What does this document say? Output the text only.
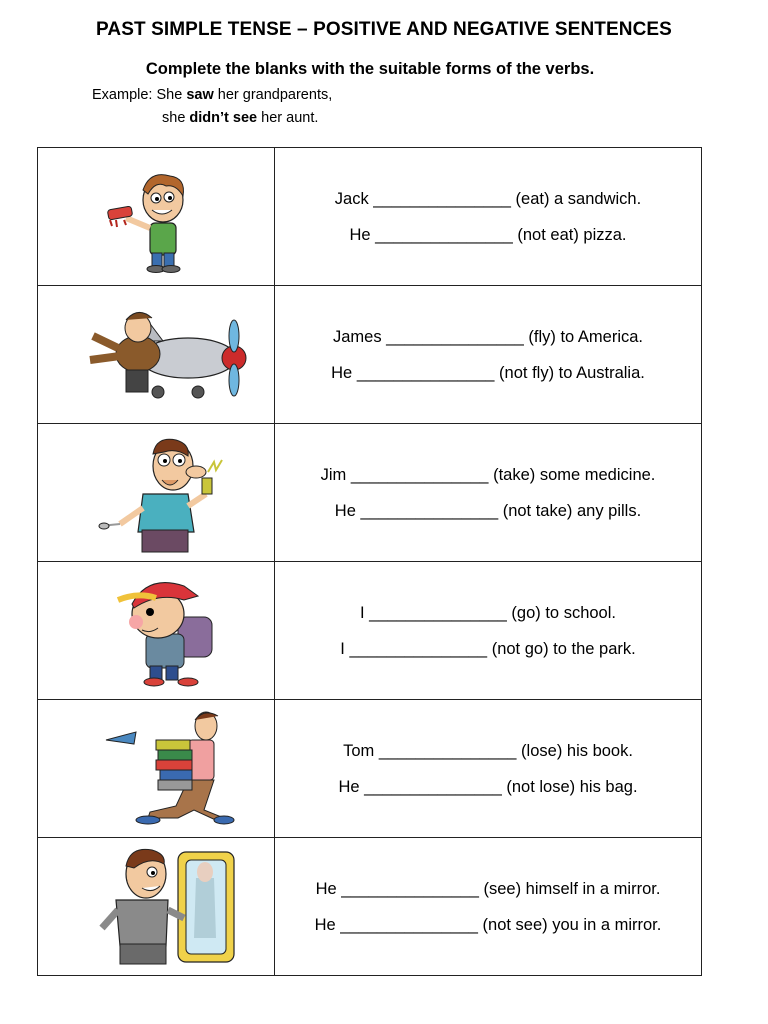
PAST SIMPLE TENSE – POSITIVE AND NEGATIVE SENTENCES
Complete the blanks with the suitable forms of the verbs.
Example: She saw her grandparents,
she didn’t see her aunt.

Jack _______________ (eat) a sandwich.
He _______________ (not eat) pizza.

James _______________ (fly) to America.
He _______________ (not fly) to Australia.

Jim _______________ (take) some medicine.
He _______________ (not take) any pills.

I _______________ (go) to school.
I _______________ (not go) to the park.

Tom _______________ (lose) his book.
He _______________ (not lose) his bag.

He _______________ (see) himself in a mirror.
He _______________ (not see) you in a mirror.
